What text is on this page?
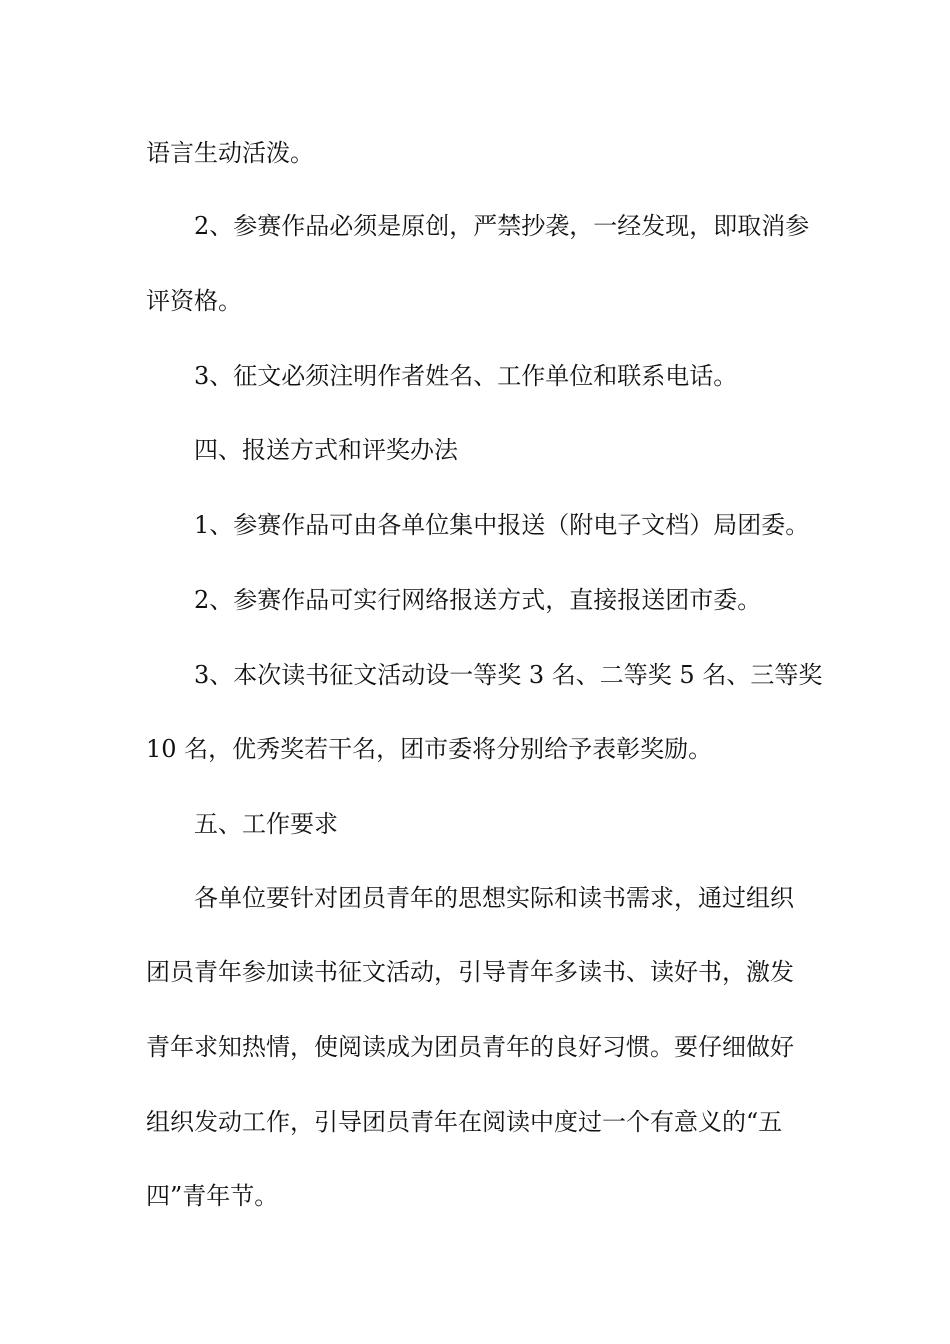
语言生动活泼。
2、参赛作品必须是原创，严禁抄袭，一经发现，即取消参
评资格。
3、征文必须注明作者姓名、工作单位和联系电话。
四、报送方式和评奖办法
1、参赛作品可由各单位集中报送（附电子文档）局团委。
2、参赛作品可实行网络报送方式，直接报送团市委。
3、本次读书征文活动设一等奖 3 名、二等奖 5 名、三等奖
10 名，优秀奖若干名，团市委将分别给予表彰奖励。
五、工作要求
各单位要针对团员青年的思想实际和读书需求，通过组织
团员青年参加读书征文活动，引导青年多读书、读好书，激发
青年求知热情，使阅读成为团员青年的良好习惯。要仔细做好
组织发动工作，引导团员青年在阅读中度过一个有意义的“五
四”青年节。
